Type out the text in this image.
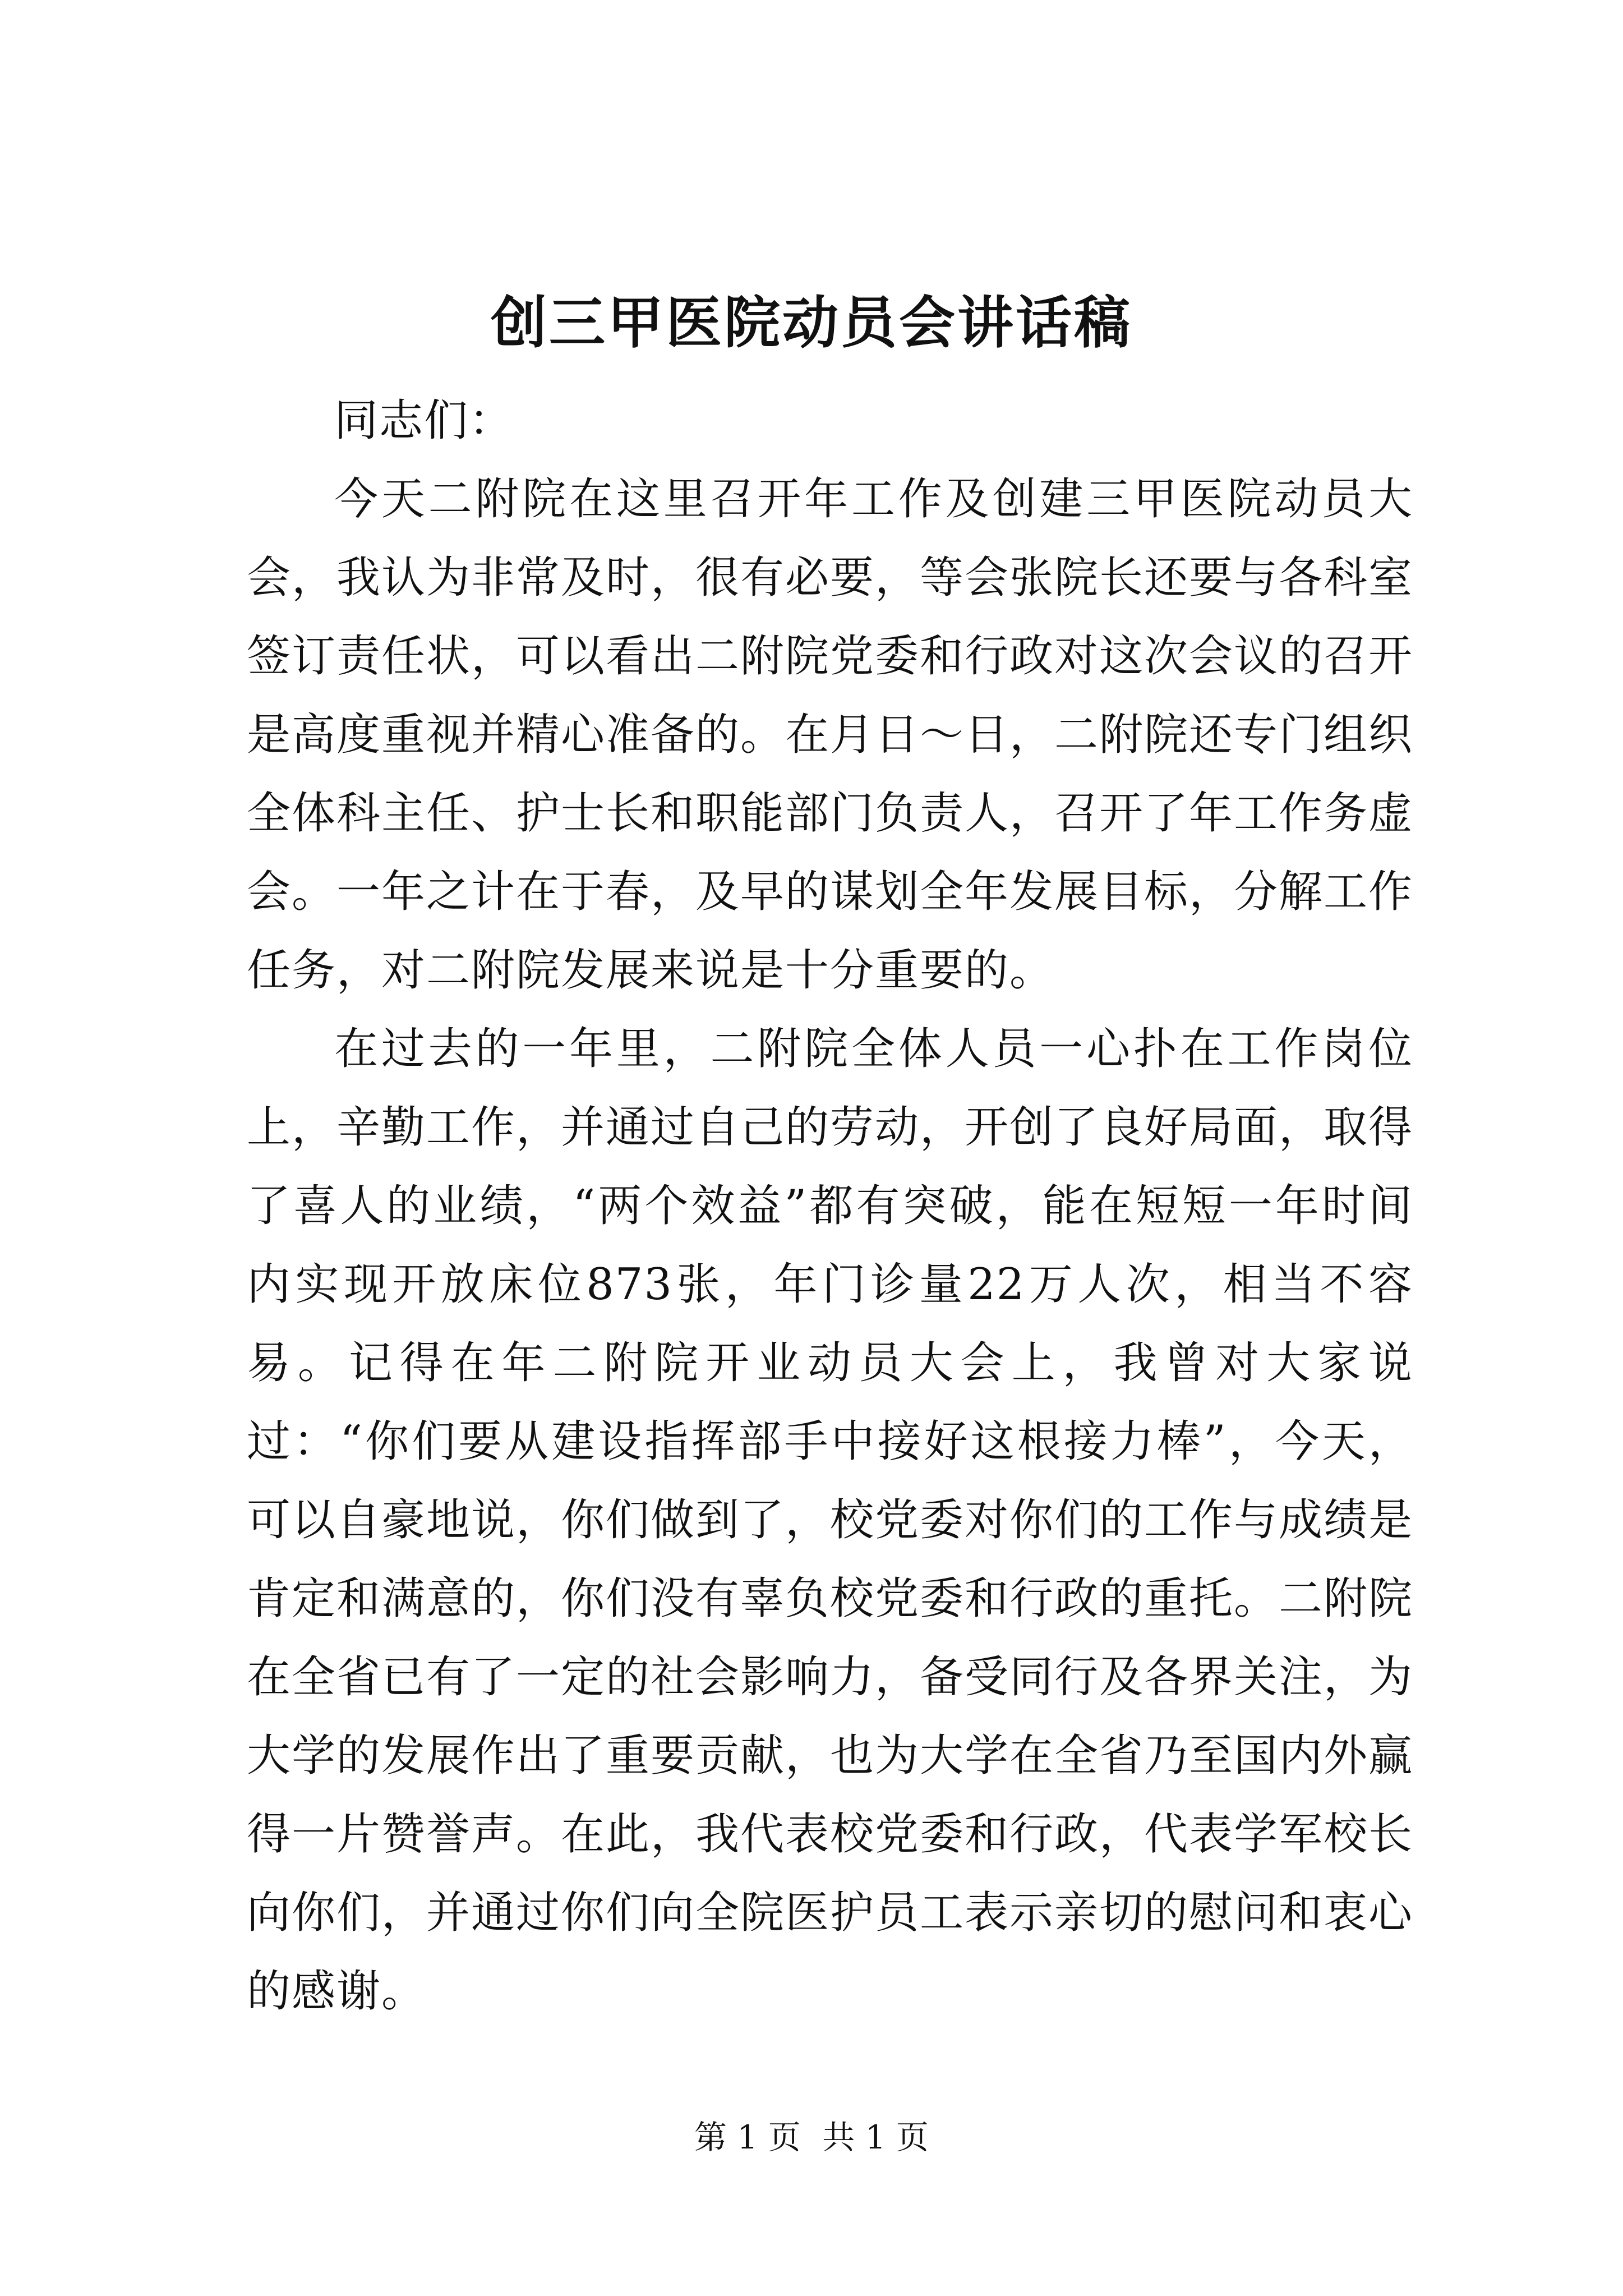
创三甲医院动员会讲话稿

同志们：

今天二附院在这里召开年工作及创建三甲医院动员大会，我认为非常及时，很有必要，等会张院长还要与各科室签订责任状，可以看出二附院党委和行政对这次会议的召开是高度重视并精心准备的。在月日～日，二附院还专门组织全体科主任、护士长和职能部门负责人，召开了年工作务虚会。一年之计在于春，及早的谋划全年发展目标，分解工作任务，对二附院发展来说是十分重要的。

在过去的一年里，二附院全体人员一心扑在工作岗位上，辛勤工作，并通过自己的劳动，开创了良好局面，取得了喜人的业绩，“两个效益”都有突破，能在短短一年时间内实现开放床位873张，年门诊量22万人次，相当不容易。记得在年二附院开业动员大会上，我曾对大家说过：“你们要从建设指挥部手中接好这根接力棒”，今天，可以自豪地说，你们做到了，校党委对你们的工作与成绩是肯定和满意的，你们没有辜负校党委和行政的重托。二附院在全省已有了一定的社会影响力，备受同行及各界关注，为大学的发展作出了重要贡献，也为大学在全省乃至国内外赢得一片赞誉声。在此，我代表校党委和行政，代表学军校长向你们，并通过你们向全院医护员工表示亲切的慰问和衷心的感谢。

第 1 页 共 1 页
